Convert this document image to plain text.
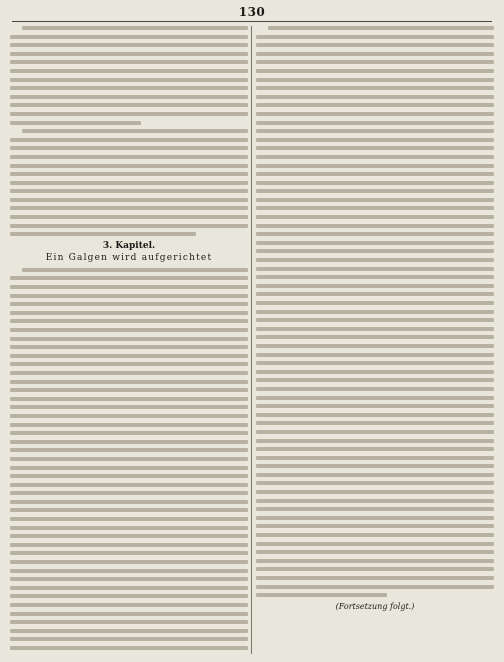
130
3. Kapitel.
Ein Galgen wird aufgerichtet
(Fortsetzung folgt.)
